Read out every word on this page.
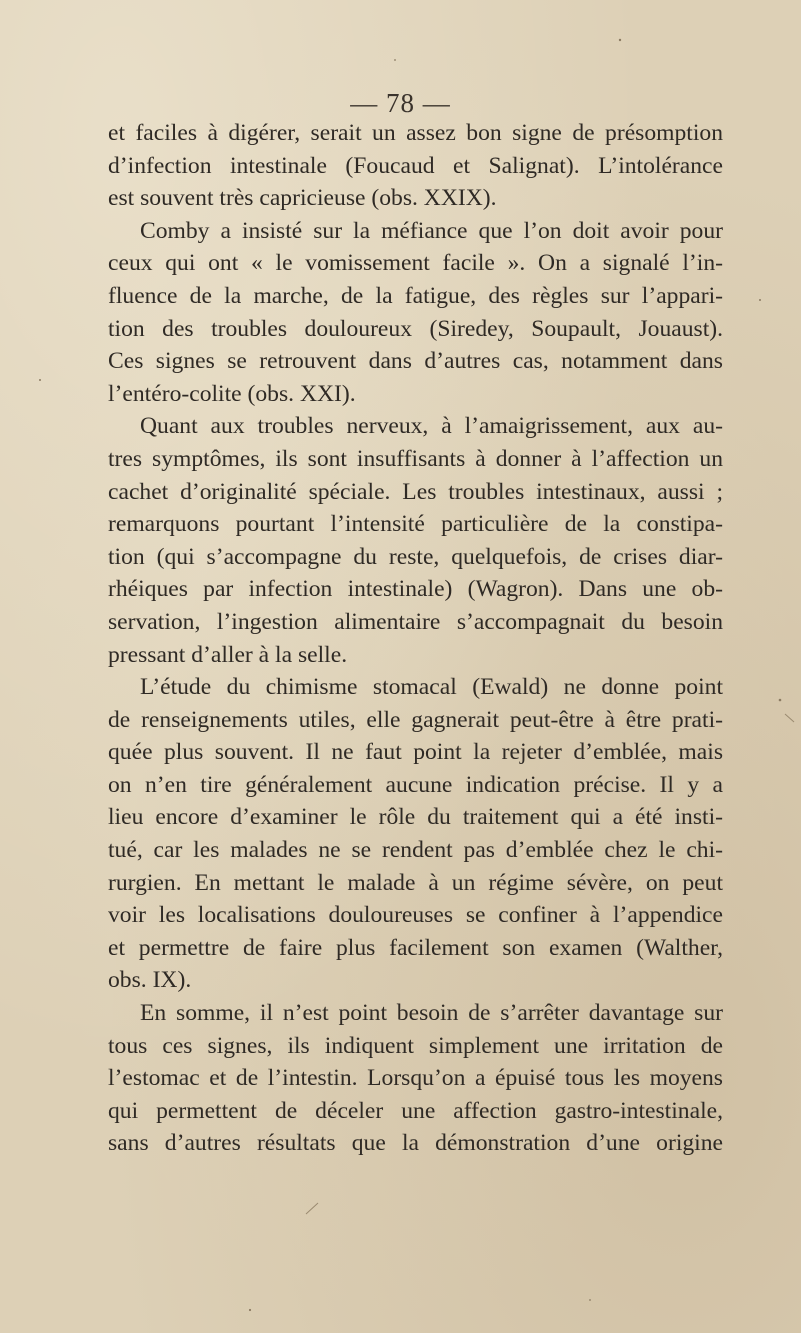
— 78 —
et faciles à digérer, serait un assez bon signe de présomption
d’infection intestinale (Foucaud et Salignat). L’intolérance
est souvent très capricieuse (obs. XXIX).
Comby a insisté sur la méfiance que l’on doit avoir pour
ceux qui ont « le vomissement facile ». On a signalé l’in-
fluence de la marche, de la fatigue, des règles sur l’appari-
tion des troubles douloureux (Siredey, Soupault, Jouaust).
Ces signes se retrouvent dans d’autres cas, notamment dans
l’entéro-colite (obs. XXI).
Quant aux troubles nerveux, à l’amaigrissement, aux au-
tres symptômes, ils sont insuffisants à donner à l’affection un
cachet d’originalité spéciale. Les troubles intestinaux, aussi ;
remarquons pourtant l’intensité particulière de la constipa-
tion (qui s’accompagne du reste, quelquefois, de crises diar-
rhéiques par infection intestinale) (Wagron). Dans une ob-
servation, l’ingestion alimentaire s’accompagnait du besoin
pressant d’aller à la selle.
L’étude du chimisme stomacal (Ewald) ne donne point
de renseignements utiles, elle gagnerait peut-être à être prati-
quée plus souvent. Il ne faut point la rejeter d’emblée, mais
on n’en tire généralement aucune indication précise. Il y a
lieu encore d’examiner le rôle du traitement qui a été insti-
tué, car les malades ne se rendent pas d’emblée chez le chi-
rurgien. En mettant le malade à un régime sévère, on peut
voir les localisations douloureuses se confiner à l’appendice
et permettre de faire plus facilement son examen (Walther,
obs. IX).
En somme, il n’est point besoin de s’arrêter davantage sur
tous ces signes, ils indiquent simplement une irritation de
l’estomac et de l’intestin. Lorsqu’on a épuisé tous les moyens
qui permettent de déceler une affection gastro-intestinale,
sans d’autres résultats que la démonstration d’une origine
